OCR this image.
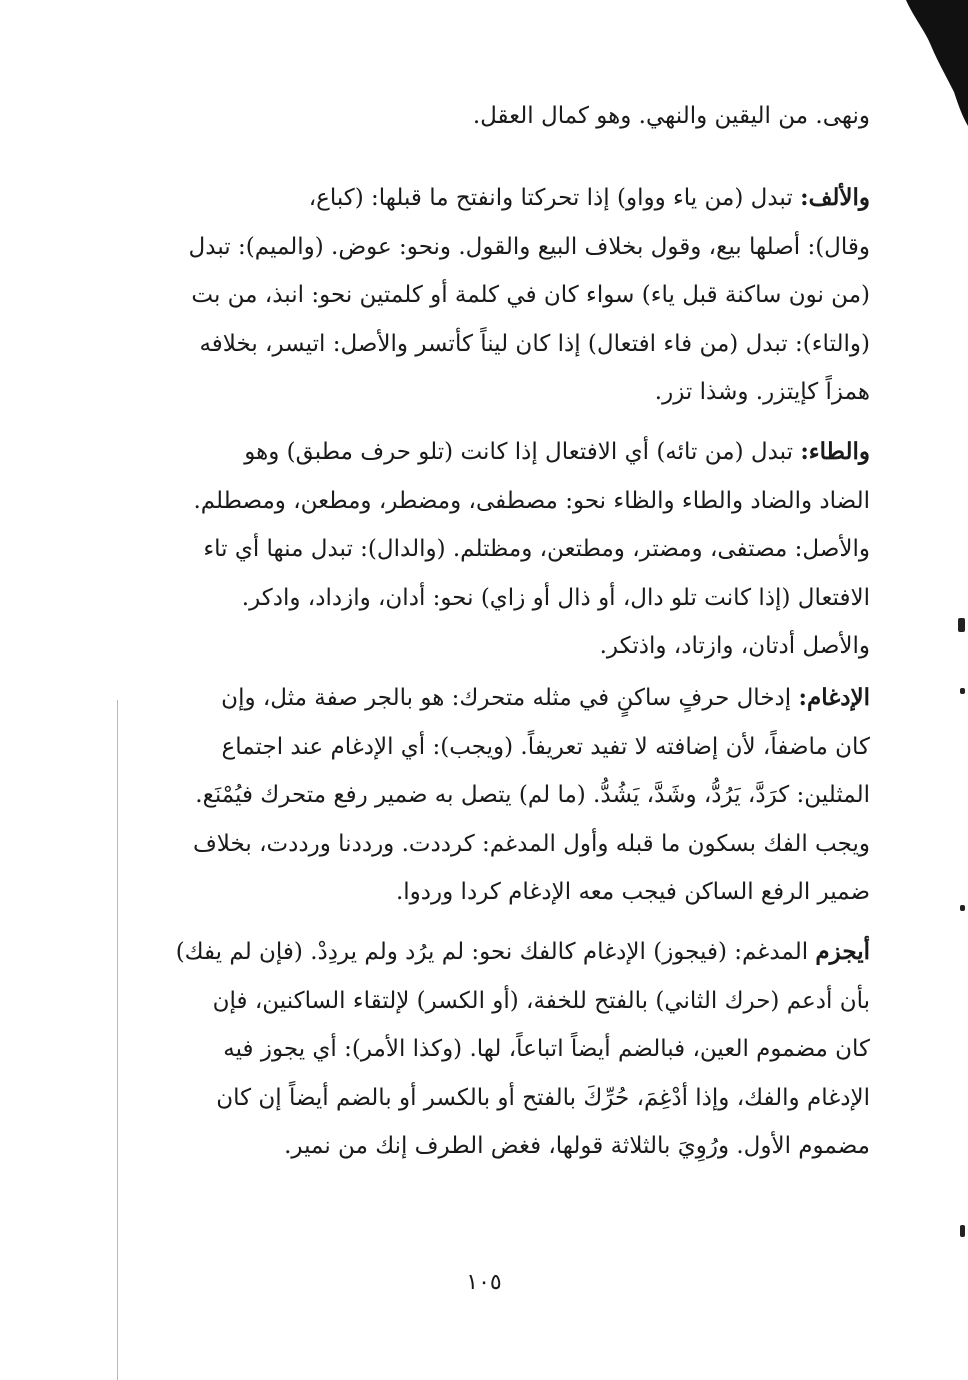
ونهى. من اليقين والنهي. وهو كمال العقل.
والألف: تبدل (من ياء وواو) إذا تحركتا وانفتح ما قبلها: (كباع،
وقال): أصلها بيع، وقول بخلاف البيع والقول. ونحو: عوض. (والميم): تبدل
(من نون ساكنة قبل ياء) سواء كان في كلمة أو كلمتين نحو: انبذ، من بت
(والتاء): تبدل (من فاء افتعال) إذا كان ليناً كأتسر والأصل: اتيسر، بخلافه
همزاً كإيتزر. وشذا تزر.
والطاء: تبدل (من تائه) أي الافتعال إذا كانت (تلو حرف مطبق) وهو
الضاد والضاد والطاء والظاء نحو: مصطفى، ومضطر، ومطعن، ومصطلم.
والأصل: مصتفى، ومضتر، ومطتعن، ومظتلم. (والدال): تبدل منها أي تاء
الافتعال (إذا كانت تلو دال، أو ذال أو زاي) نحو: أدان، وازداد، وادكر.
والأصل أدتان، وازتاد، واذتكر.
الإدغام: إدخال حرفٍ ساكنٍ في مثله متحرك: هو بالجر صفة مثل، وإن
كان ماضفاً، لأن إضافته لا تفيد تعريفاً. (ويجب): أي الإدغام عند اجتماع
المثلين: كرَدَّ، يَرُدُّ، وشَدَّ، يَشُدُّ. (ما لم) يتصل به ضمير رفع متحرك فيُمْنَع.
ويجب الفك بسكون ما قبله وأول المدغم: كرددت. ورددنا ورددت، بخلاف
ضمير الرفع الساكن فيجب معه الإدغام كردا وردوا.
أيجزم المدغم: (فيجوز) الإدغام كالفك نحو: لم يرُد ولم يردِدْ. (فإن لم يفك)
بأن أدعم (حرك الثاني) بالفتح للخفة، (أو الكسر) لإلتقاء الساكنين، فإن
كان مضموم العين، فبالضم أيضاً اتباعاً، لها. (وكذا الأمر): أي يجوز فيه
الإدغام والفك، وإذا أدْغِمَ، حُرِّكَ بالفتح أو بالكسر أو بالضم أيضاً إن كان
مضموم الأول. ورُوِيَ بالثلاثة قولها، فغض الطرف إنك من نمير.
١٠٥
